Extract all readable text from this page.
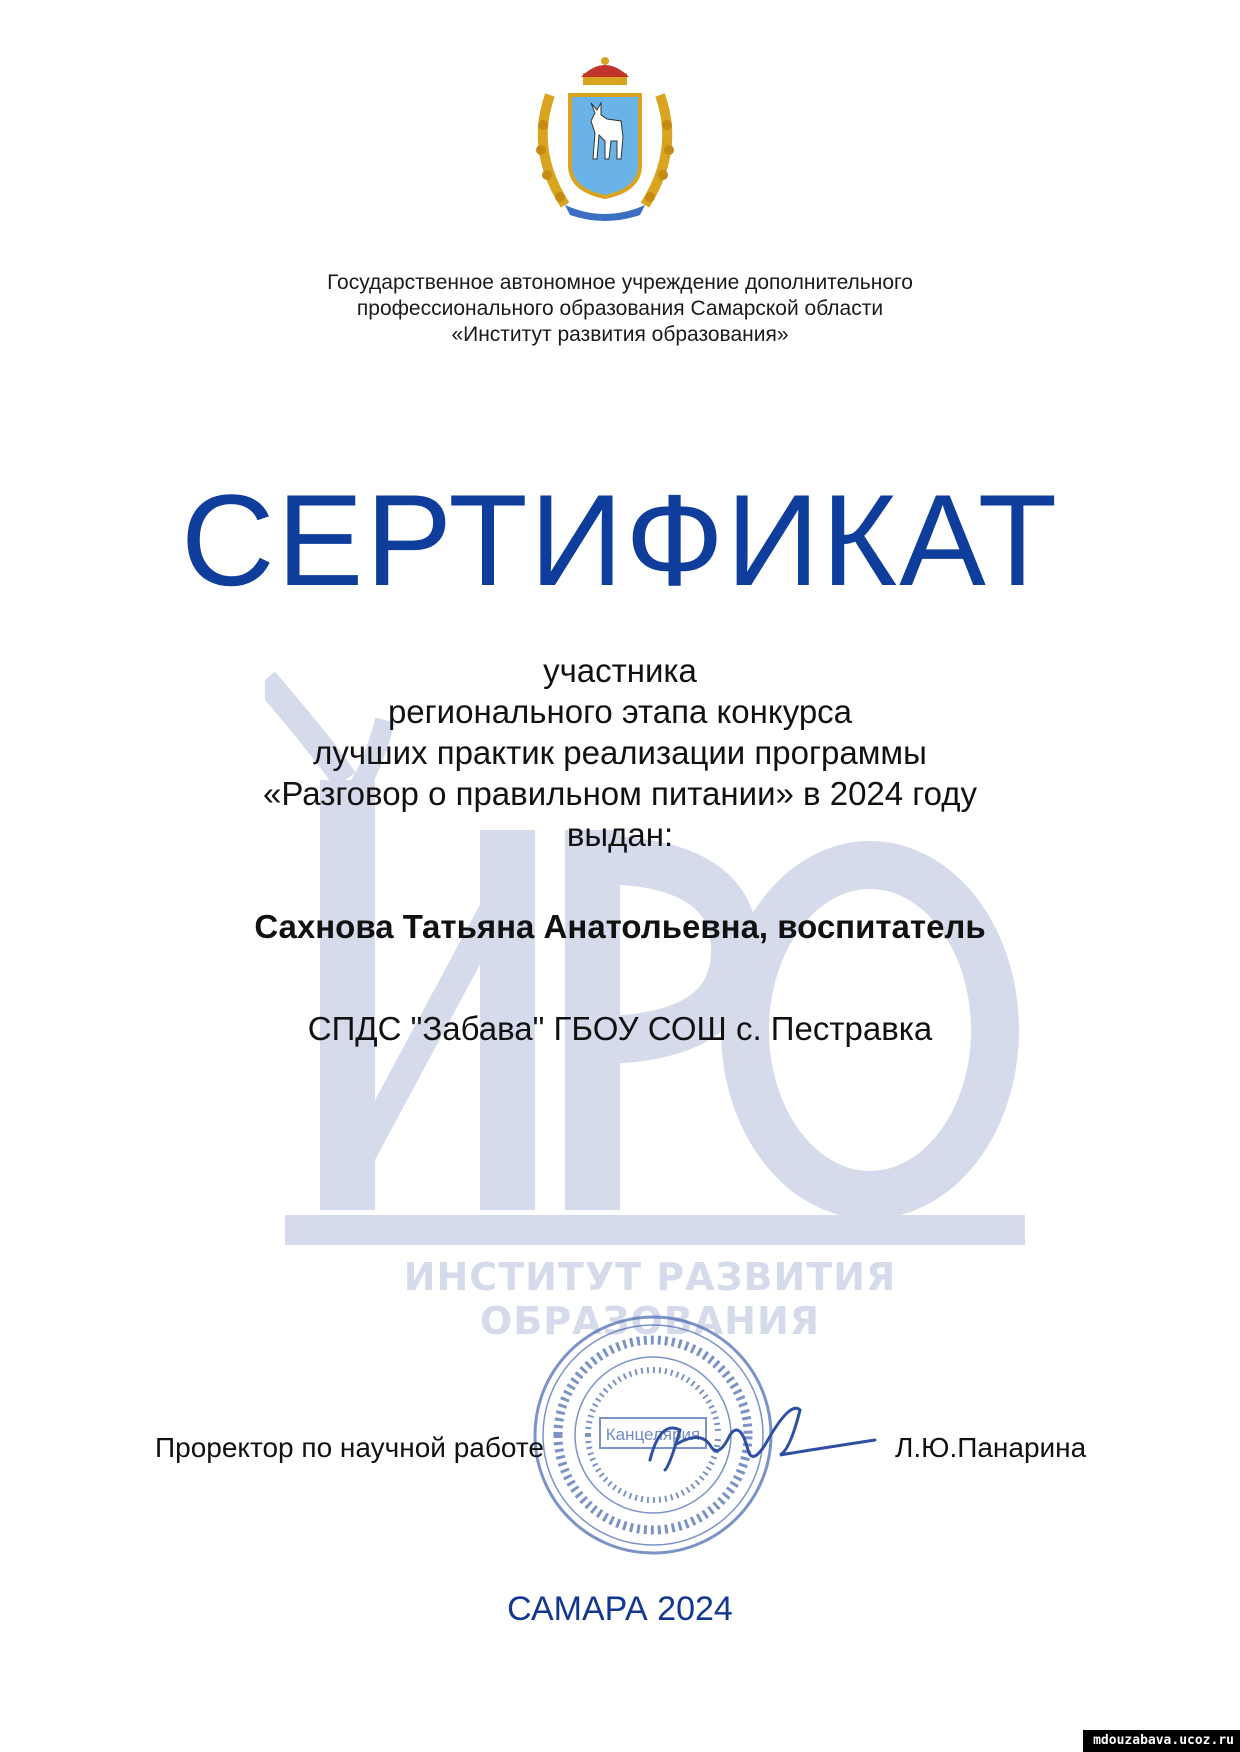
ИНСТИТУТ РАЗВИТИЯ ОБРАЗОВАНИЯ
Государственное автономное учреждение дополнительного
профессионального образования Самарской области
«Институт развития образования»
СЕРТИФИКАТ
участника
регионального этапа конкурса
лучших практик реализации программы
«Разговор о правильном питании» в 2024 году
выдан:
Сахнова Татьяна Анатольевна, воспитатель
СПДС "Забава" ГБОУ СОШ с. Пестравка
Канцелярия
Проректор по научной работе	Л.Ю.Панарина
САМАРА 2024
mdouzabava.ucoz.ru
